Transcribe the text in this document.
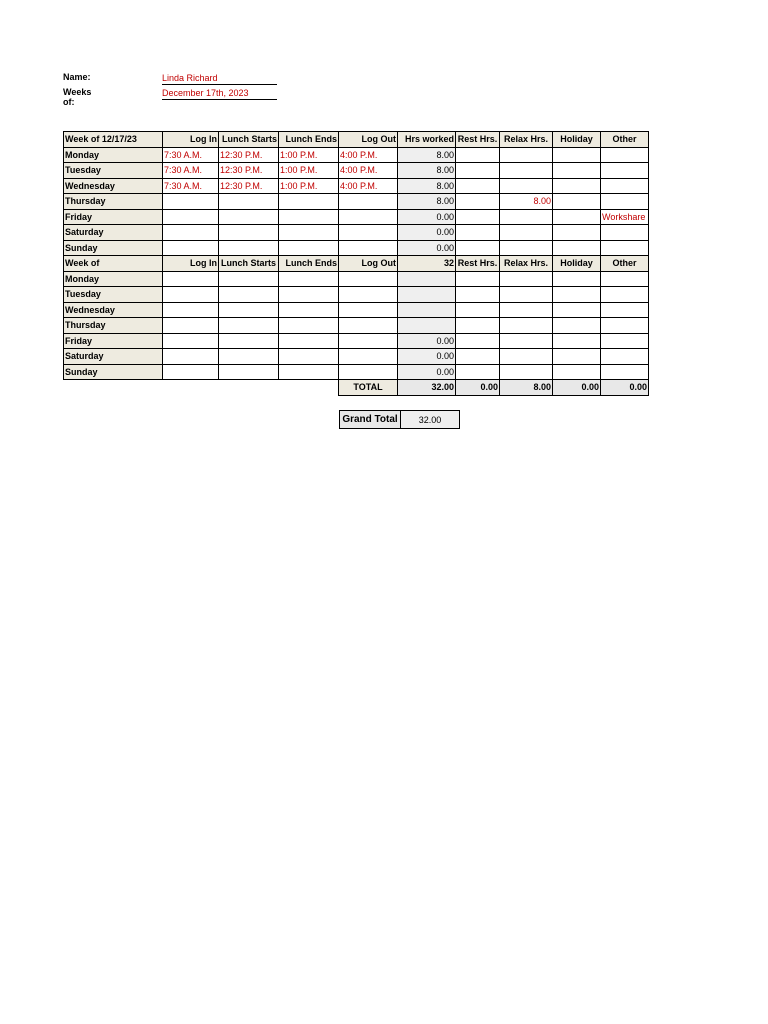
Name:	Linda Richard
Weeks of:
December 17th, 2023
Week of 12/17/23	Log In	Lunch Starts	Lunch Ends	Log Out	Hrs worked	Rest Hrs.	Relax Hrs.	Holiday	Other
Monday	7:30 A.M.	12:30 P.M.	1:00 P.M.	4:00 P.M.	8.00				
Tuesday	7:30 A.M.	12:30 P.M.	1:00 P.M.	4:00 P.M.	8.00				
Wednesday	7:30 A.M.	12:30 P.M.	1:00 P.M.	4:00 P.M.	8.00				
Thursday					8.00		8.00		
Friday					0.00				Workshare
Saturday					0.00				
Sunday					0.00				
Week of	Log In	Lunch Starts	Lunch Ends	Log Out	32	Rest Hrs.	Relax Hrs.	Holiday	Other
Monday									
Tuesday									
Wednesday									
Thursday									
Friday					0.00				
Saturday					0.00				
Sunday					0.00				
				TOTAL	32.00	0.00	8.00	0.00	0.00
Grand Total	32.00
